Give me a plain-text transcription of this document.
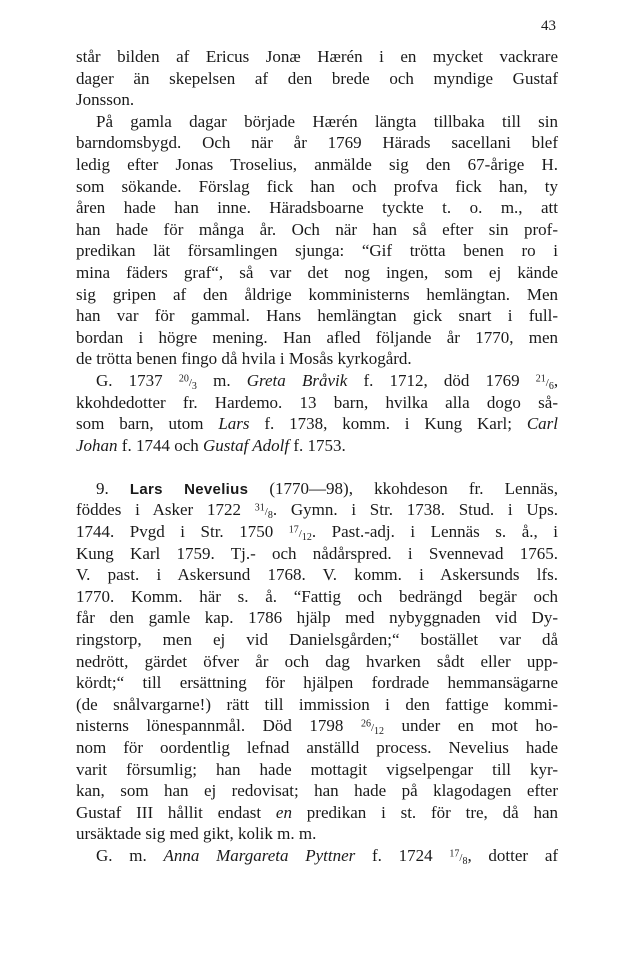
43
står bilden af Ericus Jonæ Hærén i en mycket vackrare
dager än skepelsen af den brede och myndige Gustaf
Jonsson.
På gamla dagar började Hærén längta tillbaka till sin
barndomsbygd. Och när år 1769 Härads sacellani blef
ledig efter Jonas Troselius, anmälde sig den 67-årige H.
som sökande. Förslag fick han och profva fick han, ty
åren hade han inne. Häradsboarne tyckte t. o. m., att
han hade för många år. Och när han så efter sin prof-
predikan lät församlingen sjunga: “Gif trötta benen ro i
mina fäders graf“, så var det nog ingen, som ej kände
sig gripen af den åldrige komministerns hemlängtan. Men
han var för gammal. Hans hemlängtan gick snart i full-
bordan i högre mening. Han afled följande år 1770, men
de trötta benen fingo då hvila i Mosås kyrkogård.
G. 1737 $^{20}/_3$ m. Greta Bråvik f. 1712, död 1769 $^{21}/_6$,
kkohdedotter fr. Hardemo. 13 barn, hvilka alla dogo så-
som barn, utom Lars f. 1738, komm. i Kung Karl; Carl
Johan f. 1744 och Gustaf Adolf f. 1753.
9. Lars Nevelius (1770—98), kkohdeson fr. Lennäs,
föddes i Asker 1722 $^{31}/_8$. Gymn. i Str. 1738. Stud. i Ups.
1744. Pvgd i Str. 1750 $^{17}/_{12}$. Past.-adj. i Lennäs s. å., i
Kung Karl 1759. Tj.- och nådårspred. i Svennevad 1765.
V. past. i Askersund 1768. V. komm. i Askersunds lfs.
1770. Komm. här s. å. “Fattig och bedrängd begär och
får den gamle kap. 1786 hjälp med nybyggnaden vid Dy-
ringstorp, men ej vid Danielsgården;“ bostället var då
nedrött, gärdet öfver år och dag hvarken sådt eller upp-
kördt;“ till ersättning för hjälpen fordrade hemmansägarne
(de snålvargarne!) rätt till immission i den fattige kommi-
nisterns lönespannmål. Död 1798 $^{26}/_{12}$ under en mot ho-
nom för oordentlig lefnad anställd process. Nevelius hade
varit försumlig; han hade mottagit vigselpengar till kyr-
kan, som han ej redovisat; han hade på klagodagen efter
Gustaf III hållit endast en predikan i st. för tre, då han
ursäktade sig med gikt, kolik m. m.
G. m. Anna Margareta Pyttner f. 1724 $^{17}/_8$, dotter af
